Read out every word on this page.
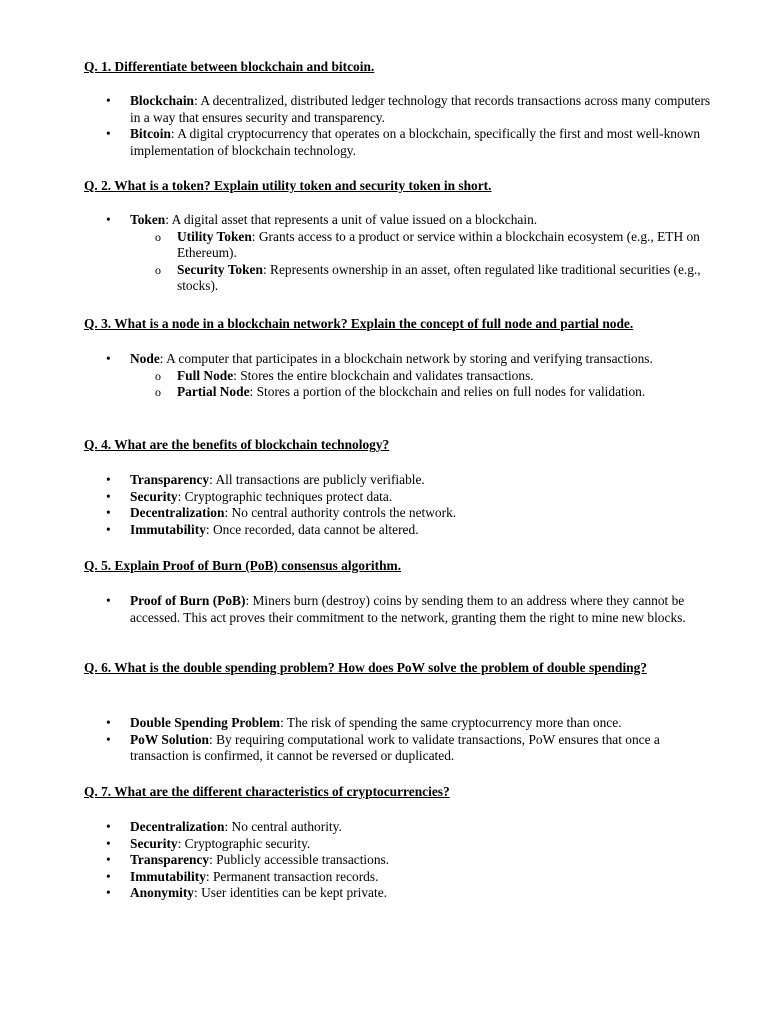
Q. 1. Differentiate between blockchain and bitcoin.

• Blockchain: A decentralized, distributed ledger technology that records transactions across many computers in a way that ensures security and transparency.
• Bitcoin: A digital cryptocurrency that operates on a blockchain, specifically the first and most well-known implementation of blockchain technology.

Q. 2. What is a token? Explain utility token and security token in short.

• Token: A digital asset that represents a unit of value issued on a blockchain.
o Utility Token: Grants access to a product or service within a blockchain ecosystem (e.g., ETH on Ethereum).
o Security Token: Represents ownership in an asset, often regulated like traditional securities (e.g., stocks).

Q. 3. What is a node in a blockchain network? Explain the concept of full node and partial node.

• Node: A computer that participates in a blockchain network by storing and verifying transactions.
o Full Node: Stores the entire blockchain and validates transactions.
o Partial Node: Stores a portion of the blockchain and relies on full nodes for validation.

Q. 4. What are the benefits of blockchain technology?

• Transparency: All transactions are publicly verifiable.
• Security: Cryptographic techniques protect data.
• Decentralization: No central authority controls the network.
• Immutability: Once recorded, data cannot be altered.

Q. 5. Explain Proof of Burn (PoB) consensus algorithm.

• Proof of Burn (PoB): Miners burn (destroy) coins by sending them to an address where they cannot be accessed. This act proves their commitment to the network, granting them the right to mine new blocks.

Q. 6. What is the double spending problem? How does PoW solve the problem of double spending?

• Double Spending Problem: The risk of spending the same cryptocurrency more than once.
• PoW Solution: By requiring computational work to validate transactions, PoW ensures that once a transaction is confirmed, it cannot be reversed or duplicated.

Q. 7. What are the different characteristics of cryptocurrencies?

• Decentralization: No central authority.
• Security: Cryptographic security.
• Transparency: Publicly accessible transactions.
• Immutability: Permanent transaction records.
• Anonymity: User identities can be kept private.
